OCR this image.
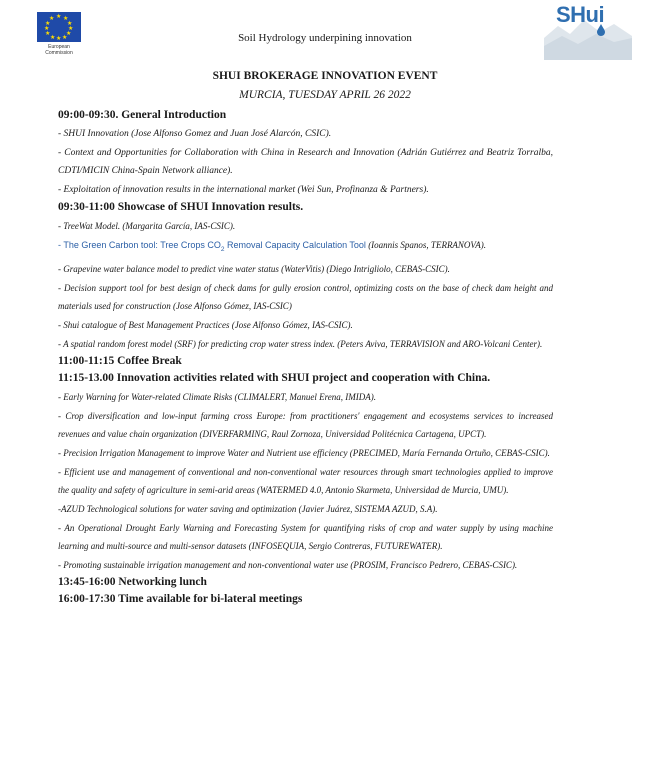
★ ★
★
★
★
★
★
★
★
★
★
★
European
Commission
Soil Hydrology underpining innovation
SHui
SHUI BROKERAGE INNOVATION EVENT
MURCIA, TUESDAY APRIL 26 2022
09:00-09:30. General Introduction
- SHUI Innovation (Jose Alfonso Gomez and Juan José Alarcón, CSIC).
- Context and Opportunities for Collaboration with China in Research and Innovation (Adrián Gutiérrez and Beatriz Torralba, CDTI/MICIN China-Spain Network alliance).
- Exploitation of innovation results in the international market (Wei Sun, Profinanza & Partners).
09:30-11:00 Showcase of SHUI Innovation results.
- TreeWat Model. (Margarita García, IAS-CSIC).
- The Green Carbon tool: Tree Crops $CO_2$ Removal Capacity Calculation Tool (Ioannis Spanos, TERRANOVA).
- Grapevine water balance model to predict vine water status (WaterVitis) (Diego Intrigliolo, CEBAS-CSIC).
- Decision support tool for best design of check dams for gully erosion control, optimizing costs on the base of check dam height and materials used for construction (Jose Alfonso Gómez, IAS-CSIC)
- Shui catalogue of Best Management Practices (Jose Alfonso Gómez, IAS-CSIC).
- A spatial random forest model (SRF) for predicting crop water stress index. (Peters Aviva, TERRAVISION and ARO-Volcani Center).
11:00-11:15 Coffee Break
11:15-13.00 Innovation activities related with SHUI project and cooperation with China.
- Early Warning for Water-related Climate Risks (CLIMALERT, Manuel Erena, IMIDA).
- Crop diversification and low-input farming cross Europe: from practitioners' engagement and ecosystems services to increased revenues and value chain organization (DIVERFARMING, Raul Zornoza, Universidad Politécnica Cartagena, UPCT).
- Precision Irrigation Management to improve Water and Nutrient use efficiency (PRECIMED, María Fernanda Ortuño, CEBAS-CSIC).
- Efficient use and management of conventional and non-conventional water resources through smart technologies applied to improve the quality and safety of agriculture in semi-arid areas (WATERMED 4.0, Antonio Skarmeta, Universidad de Murcia, UMU).
-AZUD Technological solutions for water saving and optimization (Javier Juárez, SISTEMA AZUD, S.A).
- An Operational Drought Early Warning and Forecasting System for quantifying risks of crop and water supply by using machine learning and multi-source and multi-sensor datasets (INFOSEQUIA, Sergio Contreras, FUTUREWATER).
- Promoting sustainable irrigation management and non-conventional water use (PROSIM, Francisco Pedrero, CEBAS-CSIC).
13:45-16:00 Networking lunch
16:00-17:30 Time available for bi-lateral meetings
